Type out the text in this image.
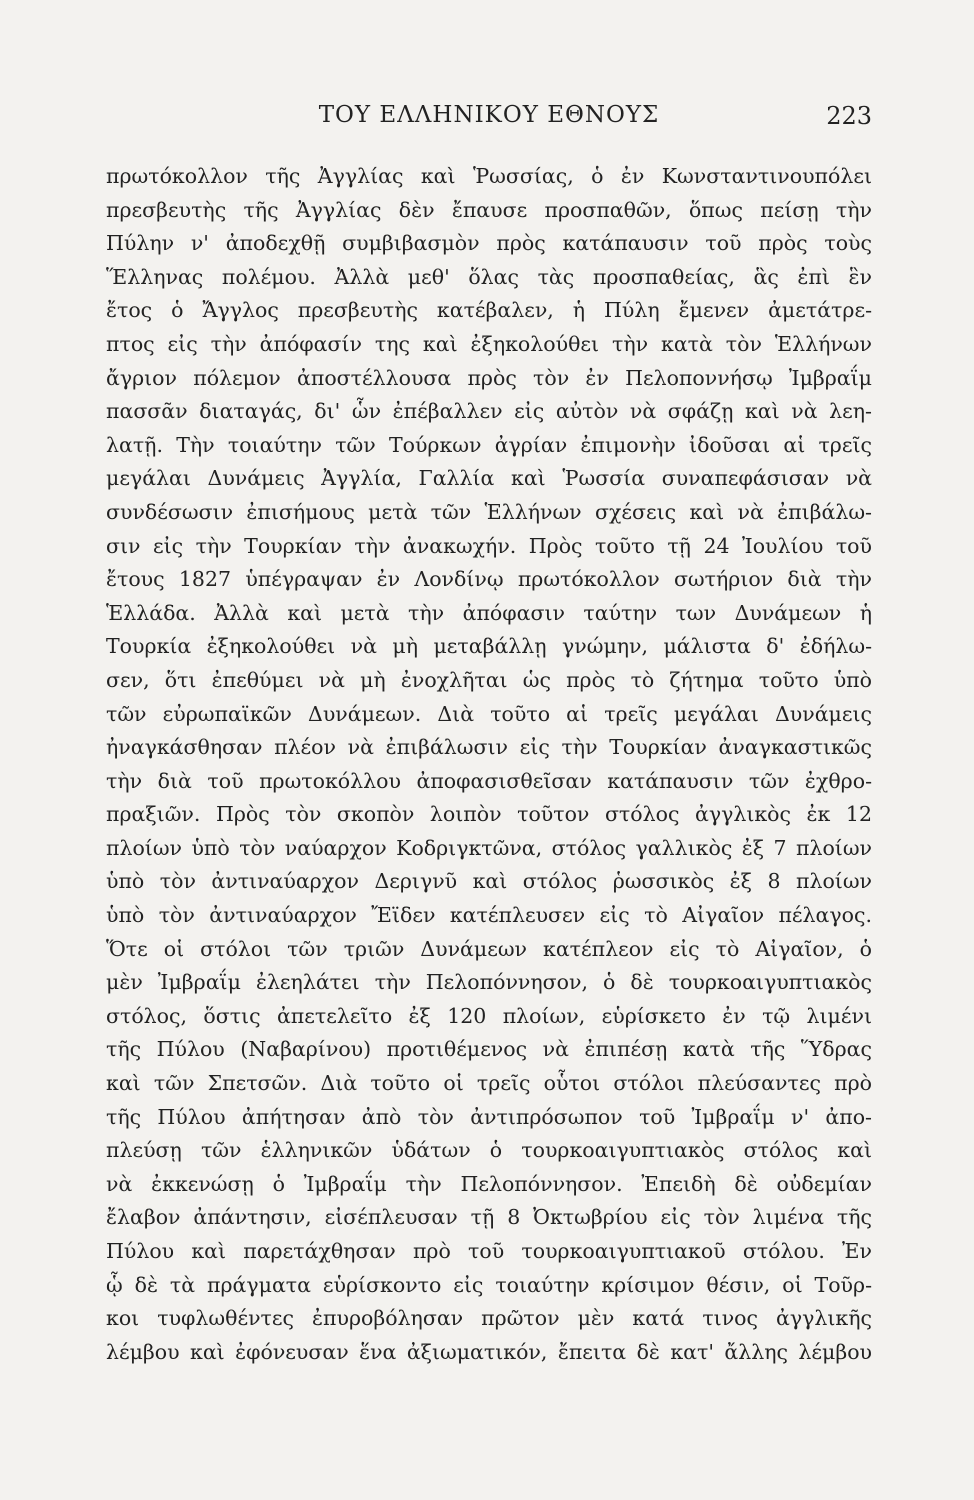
ΤΟΥ ΕΛΛΗΝΙΚΟΥ ΕΘΝΟΥΣ	223
πρωτόκολλον τῆς Ἀγγλίας καὶ Ῥωσσίας, ὁ ἐν Κωνσταντινουπόλει
πρεσβευτὴς τῆς Ἀγγλίας δὲν ἔπαυσε προσπαθῶν, ὅπως πείσῃ τὴν
Πύλην ν' ἀποδεχθῇ συμβιβασμὸν πρὸς κατάπαυσιν τοῦ πρὸς τοὺς
Ἕλληνας πολέμου. Ἀλλὰ μεθ' ὅλας τὰς προσπαθείας, ἃς ἐπὶ ἓν
ἔτος ὁ Ἄγγλος πρεσβευτὴς κατέβαλεν, ἡ Πύλη ἔμενεν ἀμετάτρε-
πτος εἰς τὴν ἀπόφασίν της καὶ ἐξηκολούθει τὴν κατὰ τὸν Ἑλλήνων
ἄγριον πόλεμον ἀποστέλλουσα πρὸς τὸν ἐν Πελοποννήσῳ Ἰμβραΐμ
πασσᾶν διαταγάς, δι' ὧν ἐπέβαλλεν εἰς αὐτὸν νὰ σφάζῃ καὶ νὰ λεη-
λατῇ. Τὴν τοιαύτην τῶν Τούρκων ἀγρίαν ἐπιμονὴν ἰδοῦσαι αἱ τρεῖς
μεγάλαι Δυνάμεις Ἀγγλία, Γαλλία καὶ Ῥωσσία συναπεφάσισαν νὰ
συνδέσωσιν ἐπισήμους μετὰ τῶν Ἑλλήνων σχέσεις καὶ νὰ ἐπιβάλω-
σιν εἰς τὴν Τουρκίαν τὴν ἀνακωχήν. Πρὸς τοῦτο τῇ 24 Ἰουλίου τοῦ
ἔτους 1827 ὑπέγραψαν ἐν Λονδίνῳ πρωτόκολλον σωτήριον διὰ τὴν
Ἑλλάδα. Ἀλλὰ καὶ μετὰ τὴν ἀπόφασιν ταύτην των Δυνάμεων ἡ
Τουρκία ἐξηκολούθει νὰ μὴ μεταβάλλῃ γνώμην, μάλιστα δ' ἐδήλω-
σεν, ὅτι ἐπεθύμει νὰ μὴ ἐνοχλῆται ὡς πρὸς τὸ ζήτημα τοῦτο ὑπὸ
τῶν εὐρωπαϊκῶν Δυνάμεων. Διὰ τοῦτο αἱ τρεῖς μεγάλαι Δυνάμεις
ἠναγκάσθησαν πλέον νὰ ἐπιβάλωσιν εἰς τὴν Τουρκίαν ἀναγκαστικῶς
τὴν διὰ τοῦ πρωτοκόλλου ἀποφασισθεῖσαν κατάπαυσιν τῶν ἐχθρο-
πραξιῶν. Πρὸς τὸν σκοπὸν λοιπὸν τοῦτον στόλος ἀγγλικὸς ἐκ 12
πλοίων ὑπὸ τὸν ναύαρχον Κοδριγκτῶνα, στόλος γαλλικὸς ἐξ 7 πλοίων
ὑπὸ τὸν ἀντιναύαρχον Δεριγνῦ καὶ στόλος ῥωσσικὸς ἐξ 8 πλοίων
ὑπὸ τὸν ἀντιναύαρχον Ἔϊδεν κατέπλευσεν εἰς τὸ Αἰγαῖον πέλαγος.
Ὅτε οἱ στόλοι τῶν τριῶν Δυνάμεων κατέπλεον εἰς τὸ Αἰγαῖον, ὁ
μὲν Ἰμβραΐμ ἐλεηλάτει τὴν Πελοπόννησον, ὁ δὲ τουρκοαιγυπτιακὸς
στόλος, ὅστις ἀπετελεῖτο ἐξ 120 πλοίων, εὑρίσκετο ἐν τῷ λιμένι
τῆς Πύλου (Ναβαρίνου) προτιθέμενος νὰ ἐπιπέσῃ κατὰ τῆς Ὕδρας
καὶ τῶν Σπετσῶν. Διὰ τοῦτο οἱ τρεῖς οὗτοι στόλοι πλεύσαντες πρὸ
τῆς Πύλου ἀπήτησαν ἀπὸ τὸν ἀντιπρόσωπον τοῦ Ἰμβραΐμ ν' ἀπο-
πλεύσῃ τῶν ἑλληνικῶν ὑδάτων ὁ τουρκοαιγυπτιακὸς στόλος καὶ
νὰ ἐκκενώσῃ ὁ Ἰμβραΐμ τὴν Πελοπόννησον. Ἐπειδὴ δὲ οὐδεμίαν
ἔλαβον ἀπάντησιν, εἰσέπλευσαν τῇ 8 Ὀκτωβρίου εἰς τὸν λιμένα τῆς
Πύλου καὶ παρετάχθησαν πρὸ τοῦ τουρκοαιγυπτιακοῦ στόλου. Ἐν
ᾧ δὲ τὰ πράγματα εὑρίσκοντο εἰς τοιαύτην κρίσιμον θέσιν, οἱ Τοῦρ-
κοι τυφλωθέντες ἐπυροβόλησαν πρῶτον μὲν κατά τινος ἀγγλικῆς
λέμβου καὶ ἐφόνευσαν ἕνα ἀξιωματικόν, ἔπειτα δὲ κατ' ἄλλης λέμβου
